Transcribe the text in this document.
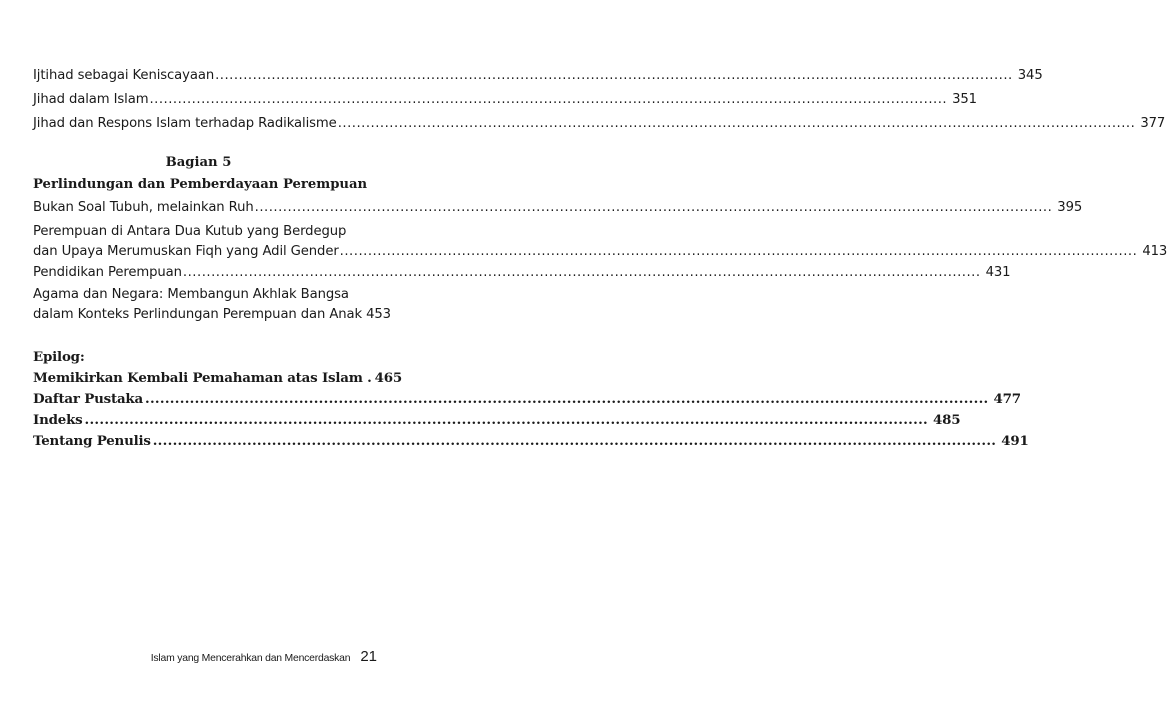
Ijtihad sebagai Keniscayaan .....	345
Jihad dalam Islam .....	351
Jihad dan Respons Islam terhadap Radikalisme .....	377
Bagian 5
Perlindungan dan Pemberdayaan Perempuan
Bukan Soal Tubuh, melainkan Ruh .....	395
Perempuan di Antara Dua Kutub yang Berdegup
dan Upaya Merumuskan Fiqh yang Adil Gender .....	413
Pendidikan Perempuan .....	431
Agama dan Negara: Membangun Akhlak Bangsa
dalam Konteks Perlindungan Perempuan dan Anak 453
Epilog:
Memikirkan Kembali Pemahaman atas Islam . 465
Daftar Pustaka .....	477
Indeks .....	485
Tentang Penulis .....	491
Islam yang Mencerahkan dan Mencerdaskan 21
